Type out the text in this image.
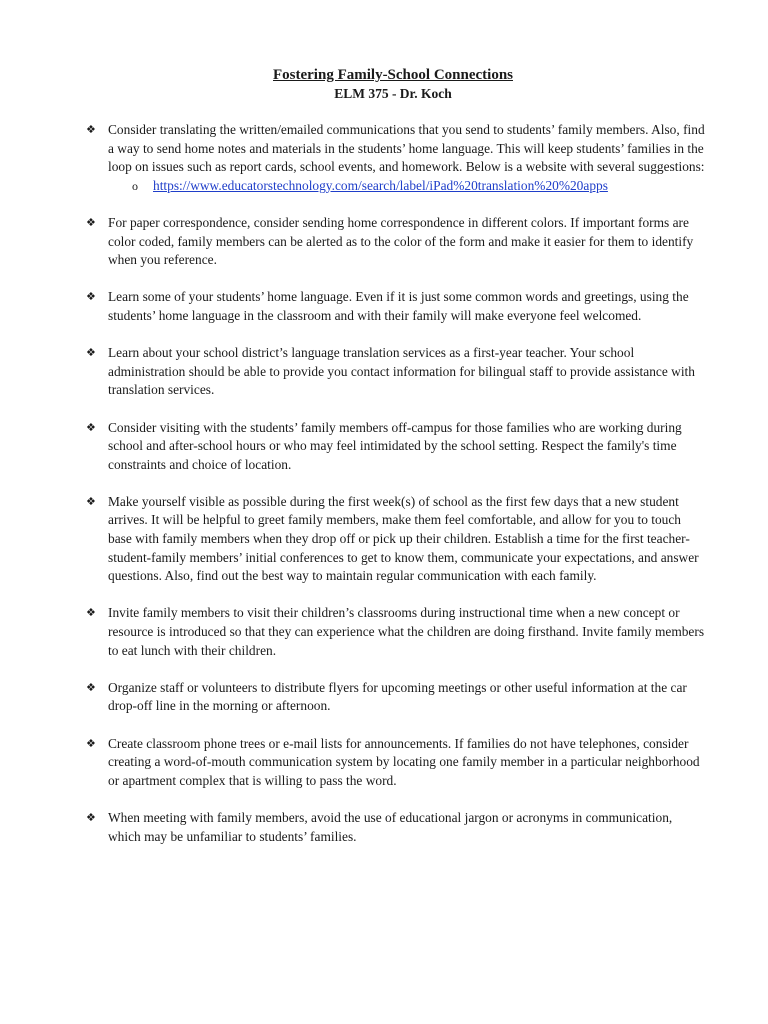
Fostering Family-School Connections
ELM 375 - Dr. Koch
❖ Consider translating the written/emailed communications that you send to students’ family members. Also, find a way to send home notes and materials in the students’ home language. This will keep students’ families in the loop on issues such as report cards, school events, and homework. Below is a website with several suggestions:
o https://www.educatorstechnology.com/search/label/iPad%20translation%20%20apps
❖ For paper correspondence, consider sending home correspondence in different colors. If important forms are color coded, family members can be alerted as to the color of the form and make it easier for them to identify when you reference.
❖ Learn some of your students’ home language. Even if it is just some common words and greetings, using the students’ home language in the classroom and with their family will make everyone feel welcomed.
❖ Learn about your school district’s language translation services as a first-year teacher. Your school administration should be able to provide you contact information for bilingual staff to provide assistance with translation services.
❖ Consider visiting with the students’ family members off-campus for those families who are working during school and after-school hours or who may feel intimidated by the school setting. Respect the family's time constraints and choice of location.
❖ Make yourself visible as possible during the first week(s) of school as the first few days that a new student arrives. It will be helpful to greet family members, make them feel comfortable, and allow for you to touch base with family members when they drop off or pick up their children. Establish a time for the first teacher-student-family members’ initial conferences to get to know them, communicate your expectations, and answer questions. Also, find out the best way to maintain regular communication with each family.
❖ Invite family members to visit their children’s classrooms during instructional time when a new concept or resource is introduced so that they can experience what the children are doing firsthand. Invite family members to eat lunch with their children.
❖ Organize staff or volunteers to distribute flyers for upcoming meetings or other useful information at the car drop-off line in the morning or afternoon.
❖ Create classroom phone trees or e-mail lists for announcements. If families do not have telephones, consider creating a word-of-mouth communication system by locating one family member in a particular neighborhood or apartment complex that is willing to pass the word.
❖ When meeting with family members, avoid the use of educational jargon or acronyms in communication, which may be unfamiliar to students’ families.
